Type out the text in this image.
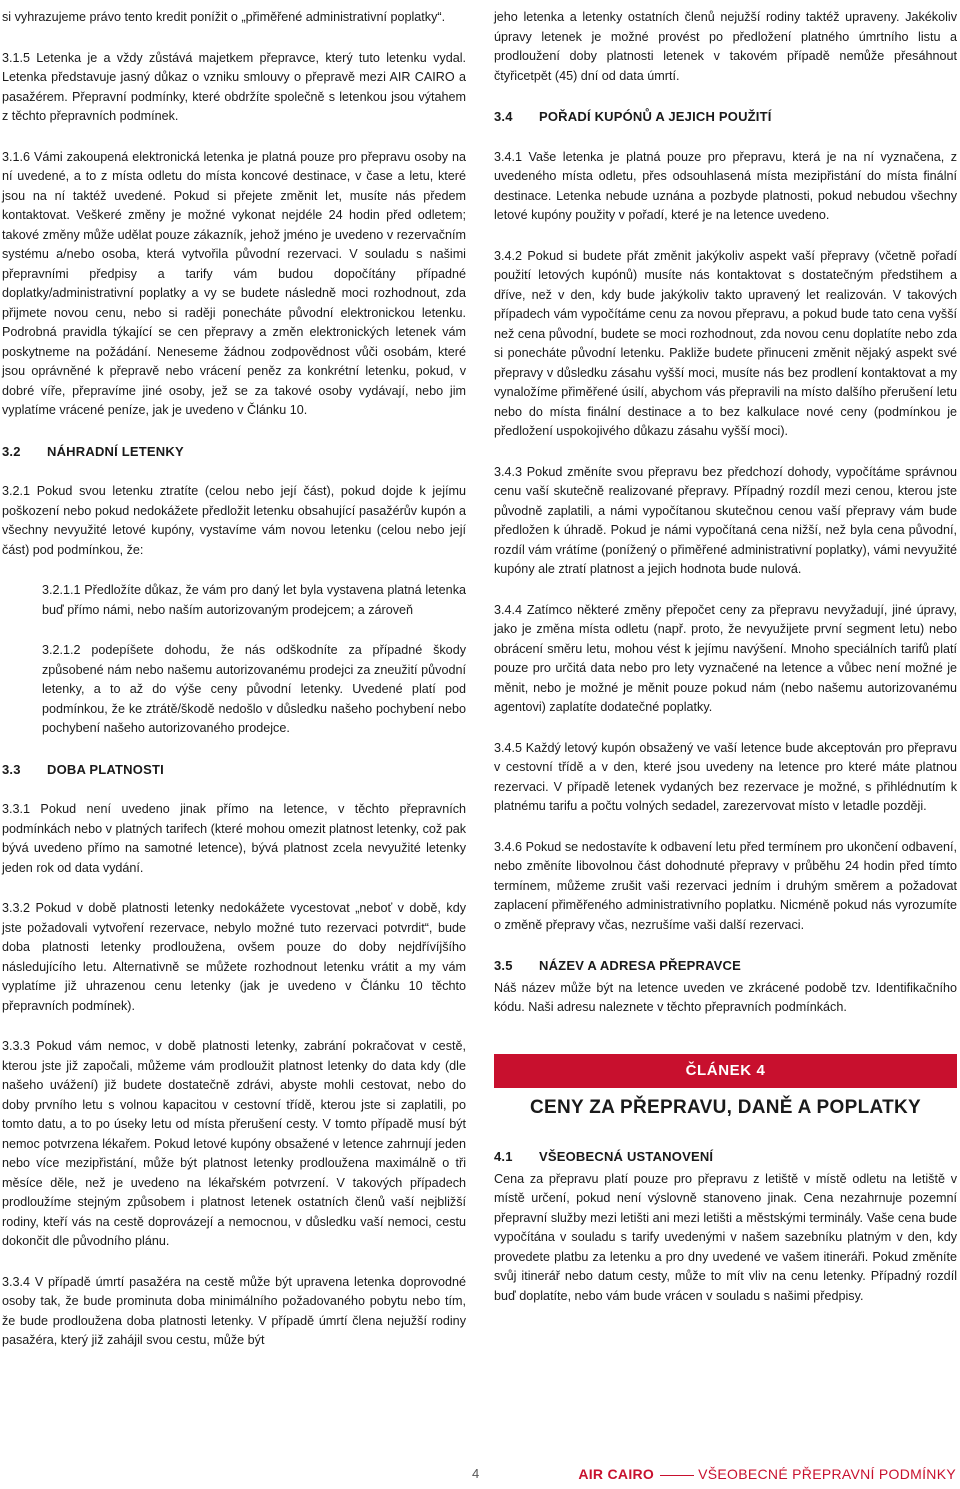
si vyhrazujeme právo tento kredit ponížit o „přiměřené administrativní poplatky“.

3.1.5 Letenka je a vždy zůstává majetkem přepravce, který tuto letenku vydal. Letenka představuje jasný důkaz o vzniku smlouvy o přepravě mezi AIR CAIRO a pasažérem. Přepravní podmínky, které obdržíte společně s letenkou jsou výtahem z těchto přepravních podmínek.

3.1.6 Vámi zakoupená elektronická letenka je platná pouze pro přepravu osoby na ní uvedené, a to z místa odletu do místa koncové destinace, v čase a letu, které jsou na ní taktéž uvedené. Pokud si přejete změnit let, musíte nás předem kontaktovat. Veškeré změny je možné vykonat nejdéle 24 hodin před odletem; takové změny může udělat pouze zákazník, jehož jméno je uvedeno v rezervačním systému a/nebo osoba, která vytvořila původní rezervaci. V souladu s našimi přepravními předpisy a tarify vám budou dopočítány případné doplatky/administrativní poplatky a vy se budete následně moci rozhodnout, zda přijmete novou cenu, nebo si raději ponecháte původní elektronickou letenku. Podrobná pravidla týkající se cen přepravy a změn elektronických letenek vám poskytneme na požádání. Neneseme žádnou zodpovědnost vůči osobám, které jsou oprávněné k přepravě nebo vrácení peněz za konkrétní letenku, pokud, v dobré víře, přepravíme jiné osoby, jež se za takové osoby vydávají, nebo jim vyplatíme vrácené peníze, jak je uvedeno v Článku 10.

3.2 NÁHRADNÍ LETENKY

3.2.1 Pokud svou letenku ztratíte (celou nebo její část), pokud dojde k jejímu poškození nebo pokud nedokážete předložit letenku obsahující pasažérův kupón a všechny nevyužité letové kupóny, vystavíme vám novou letenku (celou nebo její část) pod podmínkou, že:

3.2.1.1 Předložíte důkaz, že vám pro daný let byla vystavena platná letenka buď přímo námi, nebo naším autorizovaným prodejcem; a zároveň

3.2.1.2 podepíšete dohodu, že nás odškodníte za případné škody způsobené nám nebo našemu autorizovanému prodejci za zneužití původní letenky, a to až do výše ceny původní letenky. Uvedené platí pod podmínkou, že ke ztrátě/škodě nedošlo v důsledku našeho pochybení nebo pochybení našeho autorizovaného prodejce.

3.3 DOBA PLATNOSTI

3.3.1 Pokud není uvedeno jinak přímo na letence, v těchto přepravních podmínkách nebo v platných tarifech (které mohou omezit platnost letenky, což pak bývá uvedeno přímo na samotné letence), bývá platnost zcela nevyužité letenky jeden rok od data vydání.

3.3.2 Pokud v době platnosti letenky nedokážete vycestovat „neboť v době, kdy jste požadovali vytvoření rezervace, nebylo možné tuto rezervaci potvrdit“, bude doba platnosti letenky prodloužena, ovšem pouze do doby nejdřívíjšího následujícího letu. Alternativně se můžete rozhodnout letenku vrátit a my vám vyplatíme již uhrazenou cenu letenky (jak je uvedeno v Článku 10 těchto přepravních podmínek).

3.3.3 Pokud vám nemoc, v době platnosti letenky, zabrání pokračovat v cestě, kterou jste již započali, můžeme vám prodloužit platnost letenky do data kdy (dle našeho uvážení) již budete dostatečně zdrávi, abyste mohli cestovat, nebo do doby prvního letu s volnou kapacitou v cestovní třídě, kterou jste si zaplatili, po tomto datu, a to po úseky letu od místa přerušení cesty. V tomto případě musí být nemoc potvrzena lékařem. Pokud letové kupóny obsažené v letence zahrnují jeden nebo více mezipřistání, může být platnost letenky prodloužena maximálně o tři měsíce děle, než je uvedeno na lékařském potvrzení. V takových případech prodloužíme stejným způsobem i platnost letenek ostatních členů vaší nejbližší rodiny, kteří vás na cestě doprovázejí a nemocnou, v důsledku vaší nemoci, cestu dokončit dle původního plánu.

3.3.4 V případě úmrtí pasažéra na cestě může být upravena letenka doprovodné osoby tak, že bude prominuta doba minimálního požadovaného pobytu nebo tím, že bude prodloužena doba platnosti letenky. V případě úmrtí člena nejužší rodiny pasažéra, který již zahájil svou cestu, může být

jeho letenka a letenky ostatních členů nejužší rodiny taktéž upraveny. Jakékoliv úpravy letenek je možné provést po předložení platného úmrtního listu a prodloužení doby platnosti letenek v takovém případě nemůže přesáhnout čtyřicetpět (45) dní od data úmrtí.

3.4 POŘADÍ KUPÓNŮ A JEJICH POUŽITÍ

3.4.1 Vaše letenka je platná pouze pro přepravu, která je na ní vyznačena, z uvedeného místa odletu, přes odsouhlasená místa mezipřistání do místa finální destinace. Letenka nebude uznána a pozbyde platnosti, pokud nebudou všechny letové kupóny použity v pořadí, které je na letence uvedeno.

3.4.2 Pokud si budete přát změnit jakýkoliv aspekt vaší přepravy (včetně pořadí použití letových kupónů) musíte nás kontaktovat s dostatečným předstihem a dříve, než v den, kdy bude jakýkoliv takto upravený let realizován. V takových případech vám vypočítáme cenu za novou přepravu, a pokud bude tato cena vyšší než cena původní, budete se moci rozhodnout, zda novou cenu doplatíte nebo zda si ponecháte původní letenku. Pakliže budete přinuceni změnit nějaký aspekt své přepravy v důsledku zásahu vyšší moci, musíte nás bez prodlení kontaktovat a my vynaložíme přiměřené úsilí, abychom vás přepravili na místo dalšího přerušení letu nebo do místa finální destinace a to bez kalkulace nové ceny (podmínkou je předložení uspokojivého důkazu zásahu vyšší moci).

3.4.3 Pokud změníte svou přepravu bez předchozí dohody, vypočítáme správnou cenu vaší skutečně realizované přepravy. Případný rozdíl mezi cenou, kterou jste původně zaplatili, a námi vypočítanou skutečnou cenou vaší přepravy vám bude předložen k úhradě. Pokud je námi vypočítaná cena nižší, než byla cena původní, rozdíl vám vrátíme (ponížený o přiměřené administrativní poplatky), vámi nevyužité kupóny ale ztratí platnost a jejich hodnota bude nulová.

3.4.4 Zatímco některé změny přepočet ceny za přepravu nevyžadují, jiné úpravy, jako je změna místa odletu (např. proto, že nevyužijete první segment letu) nebo obrácení směru letu, mohou vést k jejímu navýšení. Mnoho speciálních tarifů platí pouze pro určitá data nebo pro lety vyznačené na letence a vůbec není možné je měnit, nebo je možné je měnit pouze pokud nám (nebo našemu autorizovanému agentovi) zaplatíte dodatečné poplatky.

3.4.5 Každý letový kupón obsažený ve vaší letence bude akceptován pro přepravu v cestovní třídě a v den, které jsou uvedeny na letence pro které máte platnou rezervaci. V případě letenek vydaných bez rezervace je možné, s přihlédnutím k platnému tarifu a počtu volných sedadel, zarezervovat místo v letadle později.

3.4.6 Pokud se nedostavíte k odbavení letu před termínem pro ukončení odbavení, nebo změníte libovolnou část dohodnuté přepravy v průběhu 24 hodin před tímto termínem, můžeme zrušit vaši rezervaci jedním i druhým směrem a požadovat zaplacení přiměřeného administrativního poplatku. Nicméně pokud nás vyrozumíte o změně přepravy včas, nezrušíme vaši další rezervaci.

3.5 NÁZEV A ADRESA PŘEPRAVCE

Náš název může být na letence uveden ve zkrácené podobě tzv. Identifikačního kódu. Naši adresu naleznete v těchto přepravních podmínkách.

ČLÁNEK 4
CENY ZA PŘEPRAVU, DANĚ A POPLATKY
4.1 VŠEOBECNÁ USTANOVENÍ

Cena za přepravu platí pouze pro přepravu z letiště v místě odletu na letiště v místě určení, pokud není výslovně stanoveno jinak. Cena nezahrnuje pozemní přepravní služby mezi letišti ani mezi letišti a městskými terminály. Vaše cena bude vypočítána v souladu s tarify uvedenými v našem sazebníku platným v den, kdy provedete platbu za letenku a pro dny uvedené ve vašem itineráři. Pokud změníte svůj itinerář nebo datum cesty, může to mít vliv na cenu letenky. Případný rozdíl buď doplatíte, nebo vám bude vrácen v souladu s našimi předpisy.

4	AIR CAIRO	VŠEOBECNÉ PŘEPRAVNÍ PODMÍNKY
